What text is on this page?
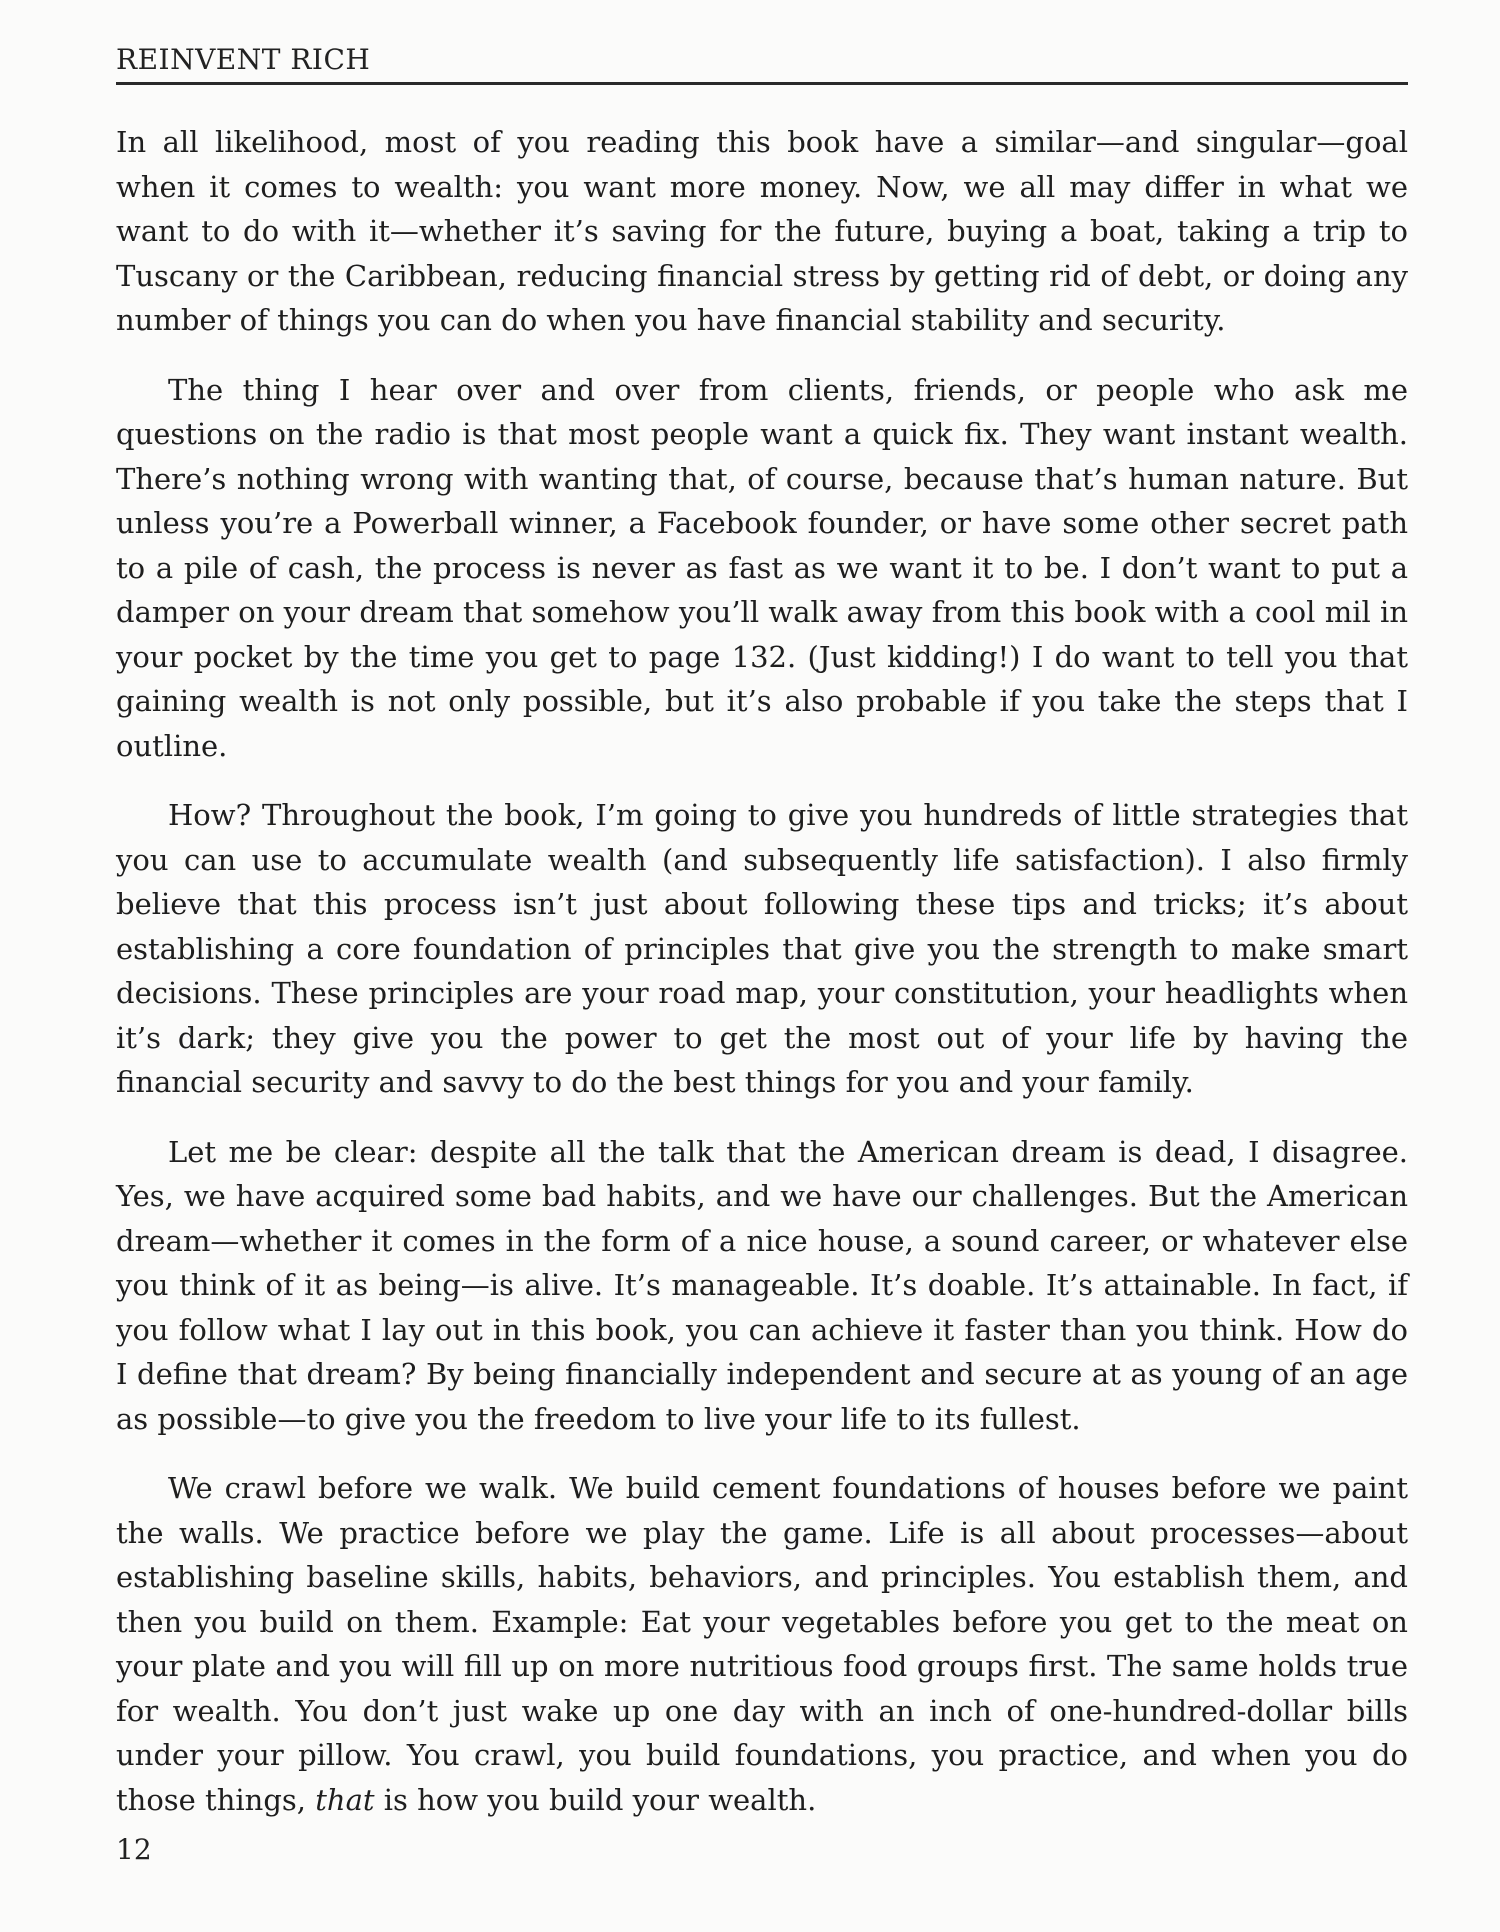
REINVENT RICH

In all likelihood, most of you reading this book have a similar—and singular—goal when it comes to wealth: you want more money. Now, we all may differ in what we want to do with it—whether it’s saving for the future, buying a boat, taking a trip to Tuscany or the Caribbean, reducing financial stress by getting rid of debt, or doing any number of things you can do when you have financial stability and security.

The thing I hear over and over from clients, friends, or people who ask me questions on the radio is that most people want a quick fix. They want instant wealth. There’s nothing wrong with wanting that, of course, because that’s human nature. But unless you’re a Powerball winner, a Facebook founder, or have some other secret path to a pile of cash, the process is never as fast as we want it to be. I don’t want to put a damper on your dream that somehow you’ll walk away from this book with a cool mil in your pocket by the time you get to page 132. (Just kidding!) I do want to tell you that gaining wealth is not only possible, but it’s also probable if you take the steps that I outline.

How? Throughout the book, I’m going to give you hundreds of little strategies that you can use to accumulate wealth (and subsequently life satisfaction). I also firmly believe that this process isn’t just about following these tips and tricks; it’s about establishing a core foundation of principles that give you the strength to make smart decisions. These principles are your road map, your constitution, your headlights when it’s dark; they give you the power to get the most out of your life by having the financial security and savvy to do the best things for you and your family.

Let me be clear: despite all the talk that the American dream is dead, I disagree. Yes, we have acquired some bad habits, and we have our challenges. But the American dream—whether it comes in the form of a nice house, a sound career, or whatever else you think of it as being—is alive. It’s manageable. It’s doable. It’s attainable. In fact, if you follow what I lay out in this book, you can achieve it faster than you think. How do I define that dream? By being financially independent and secure at as young of an age as possible—to give you the freedom to live your life to its fullest.

We crawl before we walk. We build cement foundations of houses before we paint the walls. We practice before we play the game. Life is all about processes—about establishing baseline skills, habits, behaviors, and principles. You establish them, and then you build on them. Example: Eat your vegetables before you get to the meat on your plate and you will fill up on more nutritious food groups first. The same holds true for wealth. You don’t just wake up one day with an inch of one-hundred-dollar bills under your pillow. You crawl, you build foundations, you practice, and when you do those things, that is how you build your wealth.

12
